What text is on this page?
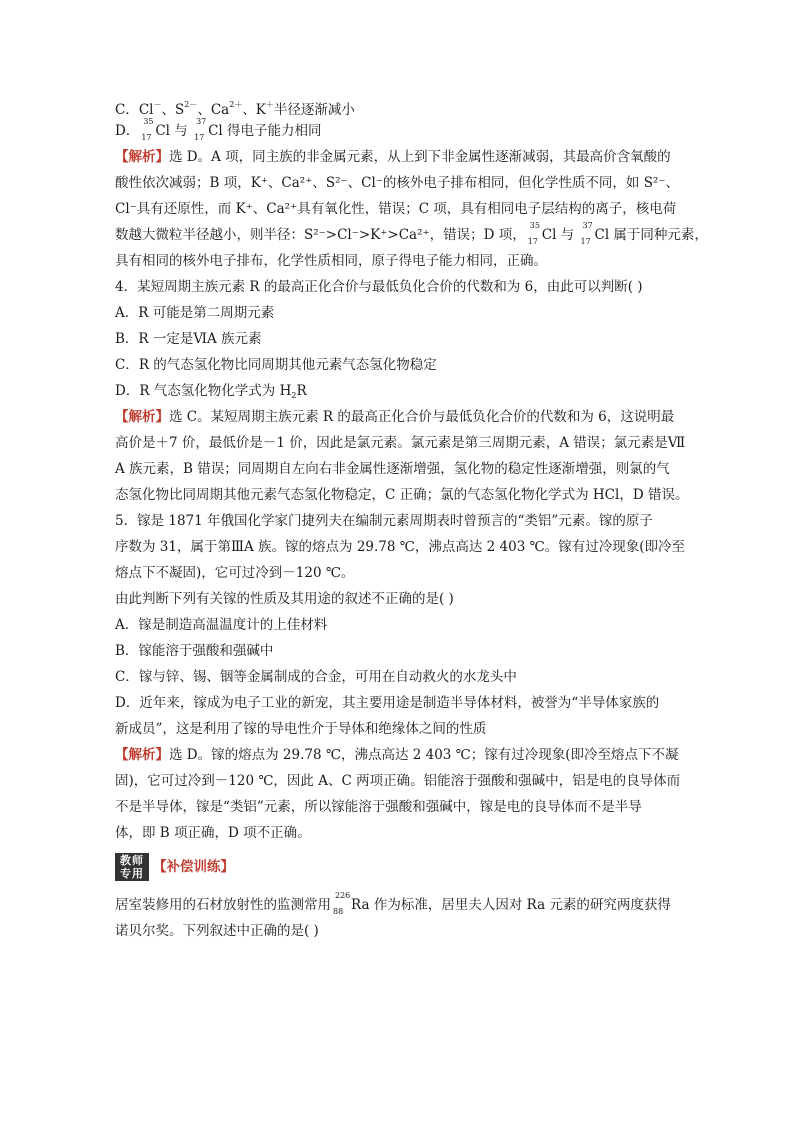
C．Cl－、$S^{2-}$、$Ca^{2+}$、K＋半径逐渐减小
D．
35
17 Cl 与
37
17 Cl 得电子能力相同
【解析】选 D。A 项，同主族的非金属元素，从上到下非金属性逐渐减弱，其最高价含氧酸的
酸性依次减弱；B 项，K⁺、Ca²⁺、S²⁻、Cl⁻的核外电子排布相同，但化学性质不同，如 S²⁻、
Cl⁻具有还原性，而 K⁺、Ca²⁺具有氧化性，错误；C 项，具有相同电子层结构的离子，核电荷
数越大微粒半径越小，则半径：S²⁻>Cl⁻>K⁺>Ca²⁺，错误；D 项，
35
17 Cl 与
37
17 Cl 属于同种元素，
具有相同的核外电子排布，化学性质相同，原子得电子能力相同，正确。
4．某短周期主族元素 R 的最高正化合价与最低负化合价的代数和为 6，由此可以判断( )
A．R 可能是第二周期元素
B．R 一定是ⅥA 族元素
C．R 的气态氢化物比同周期其他元素气态氢化物稳定
D．R 气态氢化物化学式为 $H_2R$
【解析】选 C。某短周期主族元素 R 的最高正化合价与最低负化合价的代数和为 6，这说明最
高价是＋7 价，最低价是－1 价，因此是氯元素。氯元素是第三周期元素，A 错误；氯元素是Ⅶ
A 族元素，B 错误；同周期自左向右非金属性逐渐增强，氢化物的稳定性逐渐增强，则氯的气
态氢化物比同周期其他元素气态氢化物稳定，C 正确；氯的气态氢化物化学式为 HCl，D 错误。
5．镓是 1871 年俄国化学家门捷列夫在编制元素周期表时曾预言的“类铝”元素。镓的原子
序数为 31，属于第ⅢA 族。镓的熔点为 29.78 ℃，沸点高达 2 403 ℃。镓有过冷现象(即冷至
熔点下不凝固)，它可过冷到－120 ℃。
由此判断下列有关镓的性质及其用途的叙述不正确的是( )
A．镓是制造高温温度计的上佳材料
B．镓能溶于强酸和强碱中
C．镓与锌、锡、铟等金属制成的合金，可用在自动救火的水龙头中
D．近年来，镓成为电子工业的新宠，其主要用途是制造半导体材料，被誉为“半导体家族的
新成员”，这是利用了镓的导电性介于导体和绝缘体之间的性质
【解析】选 D。镓的熔点为 29.78 ℃，沸点高达 2 403 ℃；镓有过冷现象(即冷至熔点下不凝
固)，它可过冷到－120 ℃，因此 A、C 两项正确。铝能溶于强酸和强碱中，铝是电的良导体而
不是半导体，镓是“类铝”元素，所以镓能溶于强酸和强碱中，镓是电的良导体而不是半导
体，即 B 项正确，D 项不正确。
教师
专用 【补偿训练】
居室装修用的石材放射性的监测常用
226
88 Ra 作为标准，居里夫人因对 Ra 元素的研究两度获得
诺贝尔奖。下列叙述中正确的是( )
